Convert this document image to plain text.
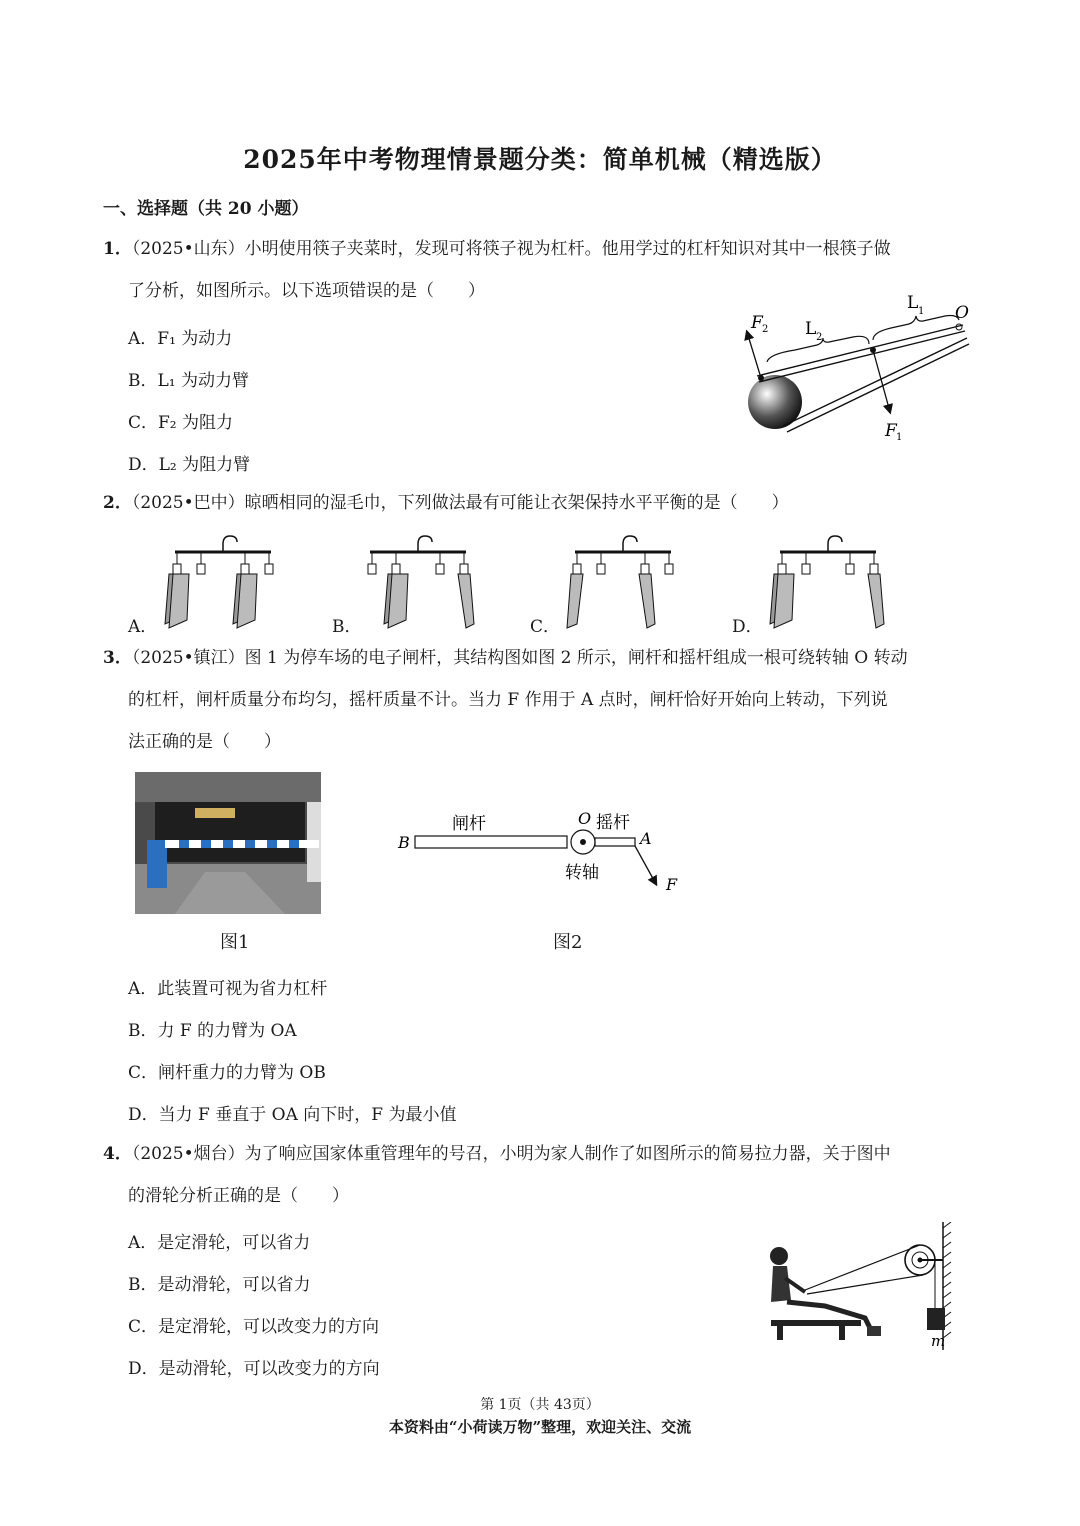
2025年中考物理情景题分类：简单机械（精选版）
一、选择题（共 20 小题）
1．（2025•山东）小明使用筷子夹菜时，发现可将筷子视为杠杆。他用学过的杠杆知识对其中一根筷子做
了分析，如图所示。以下选项错误的是（　　）
A．F₁ 为动力
B．L₁ 为动力臂
C．F₂ 为阻力
D．L₂ 为阻力臂
F 2 L 2
L 1 O
F 1
2．（2025•巴中）晾晒相同的湿毛巾，下列做法最有可能让衣架保持水平平衡的是（　　）
A．	B．	C．	D．
3．（2025•镇江）图 1 为停车场的电子闸杆，其结构图如图 2 所示，闸杆和摇杆组成一根可绕转轴 O 转动
的杠杆，闸杆质量分布均匀，摇杆质量不计。当力 F 作用于 A 点时，闸杆恰好开始向上转动，下列说
法正确的是（　　）
图1
B
闸杆	O 摇杆
A
转轴
F
图2
A．此装置可视为省力杠杆
B．力 F 的力臂为 OA
C．闸杆重力的力臂为 OB
D．当力 F 垂直于 OA 向下时，F 为最小值
4．（2025•烟台）为了响应国家体重管理年的号召，小明为家人制作了如图所示的简易拉力器，关于图中
的滑轮分析正确的是（　　）
A．是定滑轮，可以省力
B．是动滑轮，可以省力
C．是定滑轮，可以改变力的方向
D．是动滑轮，可以改变力的方向
m
第 1页（共 43页）
本资料由“小荷读万物”整理，欢迎关注、交流
